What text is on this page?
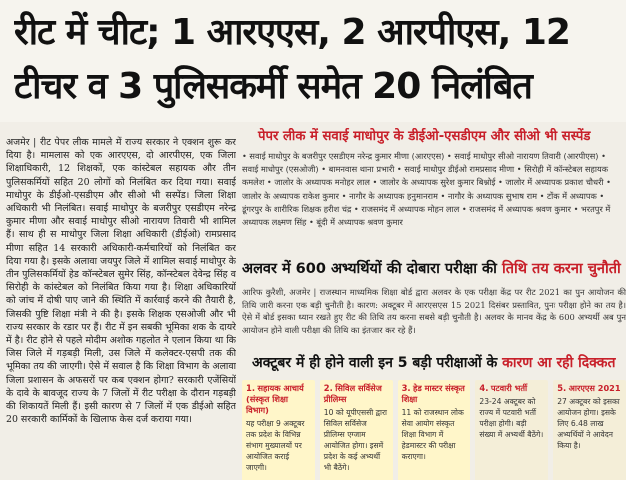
रीट में चीट; 1 आरएएस, 2 आरपीएस, 12
टीचर व 3 पुलिसकर्मी समेत 20 निलंबित
अजमेर | रीट पेपर लीक मामले में राज्य सरकार ने एक्शन शुरू कर दिया है। मामलास को एक आरएएस, दो आरपीएस, एक जिला शिक्षाधिकारी, 12 शिक्षकों, एक कांस्टेबल सहायक और तीन पुलिसकर्मियों सहित 20 लोगों को निलंबित कर दिया गया। सवाई माधोपुर के डीईओ-एसडीएम और सीओ भी सस्पेंड। जिला शिक्षा अधिकारी भी निलंबित। सवाई माधोपुर के बजरीपुर एसडीएम नरेन्द्र कुमार मीणा और सवाई माधोपुर सीओ नारायण तिवारी भी शामिल हैं। साथ ही स माधोपुर जिला शिक्षा अधिकारी (डीईओ) रामप्रसाद मीणा सहित 14 सरकारी अधिकारी-कर्मचारियों को निलंबित कर दिया गया है। इसके अलावा जयपुर जिले में शामिल सवाई माधोपुर के तीन पुलिसकर्मियों हेड कॉन्स्टेबल सुमेर सिंह, कॉन्स्टेबल देवेन्द्र सिंह व सिरोही के कांस्टेबल को निलंबित किया गया है। शिक्षा अधिकारियों को जांच में दोषी पाए जाने की स्थिति में कार्रवाई करने की तैयारी है, जिसकी पुष्टि शिक्षा मंत्री ने की है। इसके शिक्षक एसओजी और भी राज्य सरकार के रडार पर हैं। रीट में इन सबकी भूमिका शक के दायरे में है। रीट होने से पहले मोदीम अशोक गहलोत ने एलान किया था कि जिस जिले में गड़बड़ी मिली, उस जिले में कलेक्टर-एसपी तक की भूमिका तय की जाएगी। ऐसे में सवाल है कि शिक्षा विभाग के अलावा जिला प्रशासन के अफसरों पर कब एक्शन होगा? सरकारी एजेंसियों के दावे के बावजूद राज्य के 7 जिलों में रीट परीक्षा के दौरान गड़बड़ी की शिकायतें मिली हैं। इसी कारण से 7 जिलों में एक डीईओ सहित 20 सरकारी कार्मिकों के खिलाफ केस दर्ज कराया गया।
पेपर लीक में सवाई माधोपुर के डीईओ-एसडीएम और सीओ भी सस्पेंड
• सवाई माधोपुर के बजरीपुर एसडीएम नरेन्द्र कुमार मीणा (आरएएस) • सवाई माधोपुर सीओ नारायण तिवारी (आरपीएस) • सवाई माधोपुर (एसओजी) • बामनवास थाना प्रभारी • सवाई माधोपुर डीईओ रामप्रसाद मीणा • सिरोही में कॉन्स्टेबल सहायक कमलेश • जालोर के अध्यापक मनोहर लाल • जालोर के अध्यापक सुरेश कुमार बिश्नोई • जालोर में अध्यापक प्रकाश चौधरी • जालोर के अध्यापक राकेश कुमार • नागौर के अध्यापक हनुमानराम • नागौर के अध्यापक सुभाष राम • टोंक में अध्यापक • डूंगरपुर के शारीरिक शिक्षक हरीश चंद्र • राजसमंद में अध्यापक मोहन लाल • राजसमंद में अध्यापक श्रवण कुमार • भरतपुर में अध्यापक लक्ष्मण सिंह • बूंदी में अध्यापक श्रवण कुमार
अलवर में 600 अभ्यर्थियों की दोबारा परीक्षा की तिथि तय करना चुनौती
आरिफ कुरैशी, अजमेर | राजस्थान माध्यमिक शिक्षा बोर्ड द्वारा अलवर के एक परीक्षा केंद्र पर रीट 2021 का पुन आयोजन की तिथि जारी करना एक बड़ी चुनौती है। कारण: अक्टूबर में आरएसएस 15 2021 दिसंबर प्रस्तावित, पुनः परीक्षा होने का तय है। ऐसे में बोर्ड इसका ध्यान रखते हुए रीट की तिथि तय करना सबसे बड़ी चुनौती है। अलवर के मानव केंद्र के 600 अभ्यर्थी अब पुन आयोजन होने वाली परीक्षा की तिथि का इंतजार कर रहे हैं।
अक्टूबर में ही होने वाली इन 5 बड़ी परीक्षाओं के कारण आ रही दिक्कत
1. सहायक आचार्य (संस्कृत शिक्षा विभाग)
यह परीक्षा 9 अक्टूबर तक प्रदेश के विभिन्न संभाग मुख्यालयों पर आयोजित कराई जाएगी।
2. सिविल सर्विसेज प्रीलिम्स
10 को यूपीएससी द्वारा सिविल सर्विसेज प्रीलिम्स एग्जाम आयोजित होगा। इसमें प्रदेश के कई अभ्यर्थी भी बैठेंगे।
3. हेड मास्टर संस्कृत शिक्षा
11 को राजस्थान लोक सेवा आयोग संस्कृत शिक्षा विभाग में हेडमास्टर की परीक्षा कराएगा।
4. पटवारी भर्ती
23-24 अक्टूबर को राज्य में पटवारी भर्ती परीक्षा होगी। बड़ी संख्या में अभ्यर्थी बैठेंगे।
5. आरएएस 2021
27 अक्टूबर को इसका आयोजन होगा। इसके लिए 6.48 लाख अभ्यर्थियों ने आवेदन किया है।
